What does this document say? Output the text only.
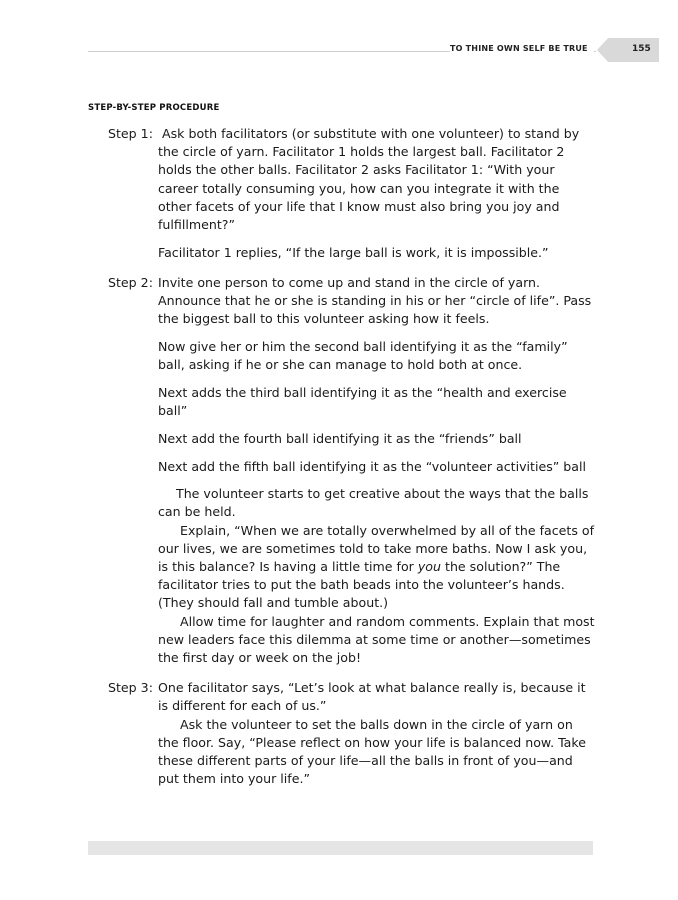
TO THINE OWN SELF BE TRUE	155
STEP-BY-STEP PROCEDURE
Step 1: Ask both facilitators (or substitute with one volunteer) to stand by the circle of yarn. Facilitator 1 holds the largest ball. Facilitator 2 holds the other balls. Facilitator 2 asks Facilitator 1: “With your career totally consuming you, how can you integrate it with the other facets of your life that I know must also bring you joy and fulfillment?”

Facilitator 1 replies, “If the large ball is work, it is impossible.”

Step 2: Invite one person to come up and stand in the circle of yarn. Announce that he or she is standing in his or her “circle of life”. Pass the biggest ball to this volunteer asking how it feels.

Now give her or him the second ball identifying it as the “family” ball, asking if he or she can manage to hold both at once.

Next adds the third ball identifying it as the “health and exercise ball”

Next add the fourth ball identifying it as the “friends” ball

Next add the fifth ball identifying it as the “volunteer activities” ball

The volunteer starts to get creative about the ways that the balls can be held.

Explain, “When we are totally overwhelmed by all of the facets of our lives, we are sometimes told to take more baths. Now I ask you, is this balance? Is having a little time for you the solution?” The facilitator tries to put the bath beads into the volunteer’s hands. (They should fall and tumble about.)

Allow time for laughter and random comments. Explain that most new leaders face this dilemma at some time or another—sometimes the first day or week on the job!

Step 3: One facilitator says, “Let’s look at what balance really is, because it is different for each of us.”

Ask the volunteer to set the balls down in the circle of yarn on the floor. Say, “Please reflect on how your life is balanced now. Take these different parts of your life—all the balls in front of you—and put them into your life.”
